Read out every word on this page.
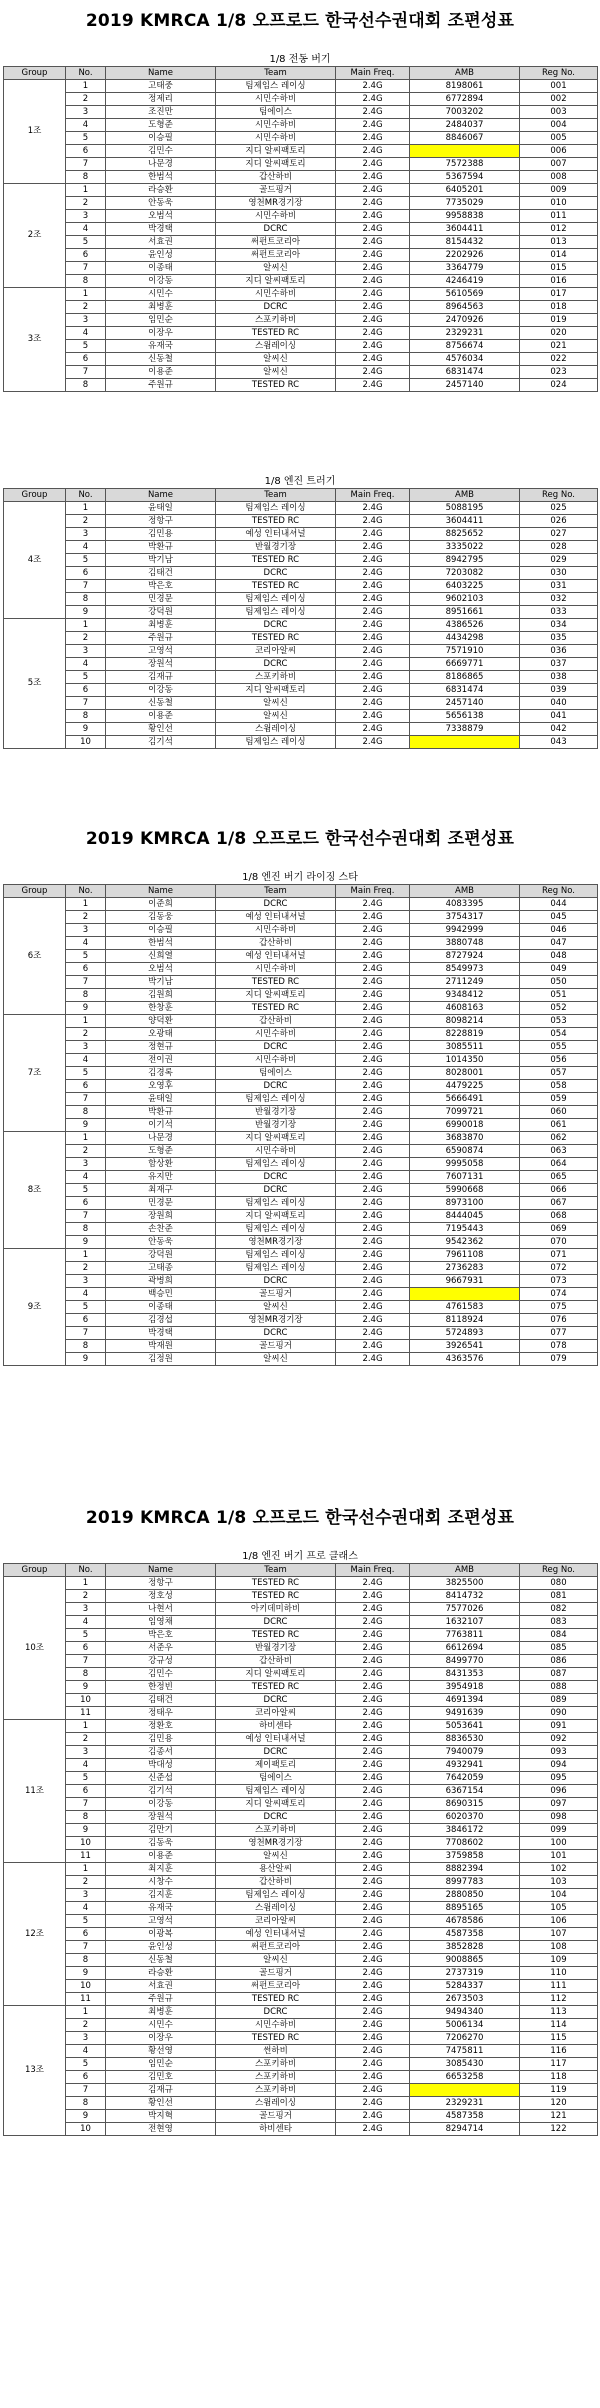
2019 KMRCA 1/8 오프로드 한국선수권대회 조편성표
1/8 전동 버기
Group	No.	Name	Team	Main Freq.	AMB	Reg No.
1조	1	고태중	팀제임스 레이싱	2.4G	8198061	001
	2	정제리	시민수하비	2.4G	6772894	002
	3	조진만	팀에이스	2.4G	7003202	003
	4	도형준	시민수하비	2.4G	2484037	004
	5	이승필	시민수하비	2.4G	8846067	005
	6	김민수	지디 알씨팩토리	2.4G		006
	7	나문경	지디 알씨팩토리	2.4G	7572388	007
	8	한범석	갑산하비	2.4G	5367594	008
2조	1	라승환	골드핑거	2.4G	6405201	009
	2	안동욱	영천MR경기장	2.4G	7735029	010
	3	오범석	시민수하비	2.4G	9958838	011
	4	박경택	DCRC	2.4G	3604411	012
	5	서효권	써펀트코리아	2.4G	8154432	013
	6	윤인성	써펀트코리아	2.4G	2202926	014
	7	이종태	알씨신	2.4G	3364779	015
	8	이강동	지디 알씨팩토리	2.4G	4246419	016
3조	1	시민수	시민수하비	2.4G	5610569	017
	2	최병훈	DCRC	2.4G	8964563	018
	3	임민순	스포키하비	2.4G	2470926	019
	4	이장우	TESTED RC	2.4G	2329231	020
	5	유재국	스윔레이싱	2.4G	8756674	021
	6	신동철	알씨신	2.4G	4576034	022
	7	이용준	알씨신	2.4G	6831474	023
	8	주원규	TESTED RC	2.4G	2457140	024
1/8 엔진 트러기
Group	No.	Name	Team	Main Freq.	AMB	Reg No.
4조	1	윤태일	팀제임스 레이싱	2.4G	5088195	025
	2	정항구	TESTED RC	2.4G	3604411	026
	3	김민용	예성 인터내셔널	2.4G	8825652	027
	4	박환규	반월경기장	2.4G	3335022	028
	5	박기남	TESTED RC	2.4G	8942795	029
	6	김태건	DCRC	2.4G	7203082	030
	7	박은호	TESTED RC	2.4G	6403225	031
	8	민경문	팀제임스 레이싱	2.4G	9602103	032
	9	강덕원	팀제임스 레이싱	2.4G	8951661	033
5조	1	최병훈	DCRC	2.4G	4386526	034
	2	주원규	TESTED RC	2.4G	4434298	035
	3	고영석	코리아알씨	2.4G	7571910	036
	4	장원석	DCRC	2.4G	6669771	037
	5	김재규	스포키하비	2.4G	8186865	038
	6	이강동	지디 알씨팩토리	2.4G	6831474	039
	7	신동철	알씨신	2.4G	2457140	040
	8	이용준	알씨신	2.4G	5656138	041
	9	황인선	스윔레이싱	2.4G	7338879	042
	10	김기석	팀제임스 레이싱	2.4G		043
2019 KMRCA 1/8 오프로드 한국선수권대회 조편성표
1/8 엔진 버기 라이징 스타
Group	No.	Name	Team	Main Freq.	AMB	Reg No.
6조	1	이준희	DCRC	2.4G	4083395	044
	2	김동웅	예성 인터내셔널	2.4G	3754317	045
	3	이승필	시민수하비	2.4G	9942999	046
	4	한범석	갑산하비	2.4G	3880748	047
	5	신희열	예성 인터내셔널	2.4G	8727924	048
	6	오범석	시민수하비	2.4G	8549973	049
	7	박기남	TESTED RC	2.4G	2711249	050
	8	김원희	지디 알씨팩토리	2.4G	9348412	051
	9	한창훈	TESTED RC	2.4G	4608163	052
7조	1	양덕환	갑산하비	2.4G	8098214	053
	2	오광태	시민수하비	2.4G	8228819	054
	3	정현규	DCRC	2.4G	3085511	055
	4	전이권	시민수하비	2.4G	1014350	056
	5	김경록	팀에이스	2.4G	8028001	057
	6	오영후	DCRC	2.4G	4479225	058
	7	윤태일	팀제임스 레이싱	2.4G	5666491	059
	8	박환규	반월경기장	2.4G	7099721	060
	9	이기석	반월경기장	2.4G	6990018	061
8조	1	나문경	지디 알씨팩토리	2.4G	3683870	062
	2	도형준	시민수하비	2.4G	6590874	063
	3	함상환	팀제임스 레이싱	2.4G	9995058	064
	4	유지만	DCRC	2.4G	7607131	065
	5	최재구	DCRC	2.4G	5990668	066
	6	민경문	팀제임스 레이싱	2.4G	8973100	067
	7	장원희	지디 알씨팩토리	2.4G	8444045	068
	8	손찬준	팀제임스 레이싱	2.4G	7195443	069
	9	안동욱	영천MR경기장	2.4G	9542362	070
9조	1	강덕원	팀제임스 레이싱	2.4G	7961108	071
	2	고태종	팀제임스 레이싱	2.4G	2736283	072
	3	곽병희	DCRC	2.4G	9667931	073
	4	백승민	골드핑거	2.4G		074
	5	이종태	알씨신	2.4G	4761583	075
	6	김경섭	영천MR경기장	2.4G	8118924	076
	7	박경택	DCRC	2.4G	5724893	077
	8	박재원	골드핑거	2.4G	3926541	078
	9	김정원	알씨신	2.4G	4363576	079
2019 KMRCA 1/8 오프로드 한국선수권대회 조편성표
1/8 엔진 버기 프로 클래스
Group	No.	Name	Team	Main Freq.	AMB	Reg No.
10조	1	정항구	TESTED RC	2.4G	3825500	080
	2	정호성	TESTED RC	2.4G	8414732	081
	3	나현서	아키데미하비	2.4G	7577026	082
	4	임영채	DCRC	2.4G	1632107	083
	5	박은호	TESTED RC	2.4G	7763811	084
	6	서준우	반월경기장	2.4G	6612694	085
	7	강규성	갑산하비	2.4G	8499770	086
	8	김민수	지디 알씨팩토리	2.4G	8431353	087
	9	한정빈	TESTED RC	2.4G	3954918	088
	10	김태건	DCRC	2.4G	4691394	089
	11	정태우	코리아알씨	2.4G	9491639	090
11조	1	정환호	하비센타	2.4G	5053641	091
	2	김민용	예성 인터내셔널	2.4G	8836530	092
	3	김종서	DCRC	2.4G	7940079	093
	4	박대성	제이팩토리	2.4G	4932941	094
	5	신준섭	팀에이스	2.4G	7642059	095
	6	김기석	팀제임스 레이싱	2.4G	6367154	096
	7	이강동	지디 알씨팩토리	2.4G	8690315	097
	8	장원석	DCRC	2.4G	6020370	098
	9	김만기	스포키하비	2.4G	3846172	099
	10	김동욱	영천MR경기장	2.4G	7708602	100
	11	이용준	알씨신	2.4G	3759858	101
12조	1	최지훈	용산알씨	2.4G	8882394	102
	2	시창수	갑산하비	2.4G	8997783	103
	3	김지훈	팀제임스 레이싱	2.4G	2880850	104
	4	유재국	스윔레이싱	2.4G	8895165	105
	5	고영석	코리아알씨	2.4G	4678586	106
	6	이광복	예성 인터내셔널	2.4G	4587358	107
	7	윤인성	써펀트코리아	2.4G	3852828	108
	8	신동철	알씨신	2.4G	9008865	109
	9	라승환	골드핑거	2.4G	2737319	110
	10	서효권	써펀트코리아	2.4G	5284337	111
	11	주원규	TESTED RC	2.4G	2673503	112
13조	1	최병훈	DCRC	2.4G	9494340	113
	2	시민수	시민수하비	2.4G	5006134	114
	3	이장우	TESTED RC	2.4G	7206270	115
	4	황선영	썬하비	2.4G	7475811	116
	5	임민순	스포키하비	2.4G	3085430	117
	6	김민호	스포키하비	2.4G	6653258	118
	7	김재규	스포키하비	2.4G		119
	8	황인선	스윔레이싱	2.4G	2329231	120
	9	박지혁	골드핑거	2.4G	4587358	121
	10	전현영	하비센타	2.4G	8294714	122
